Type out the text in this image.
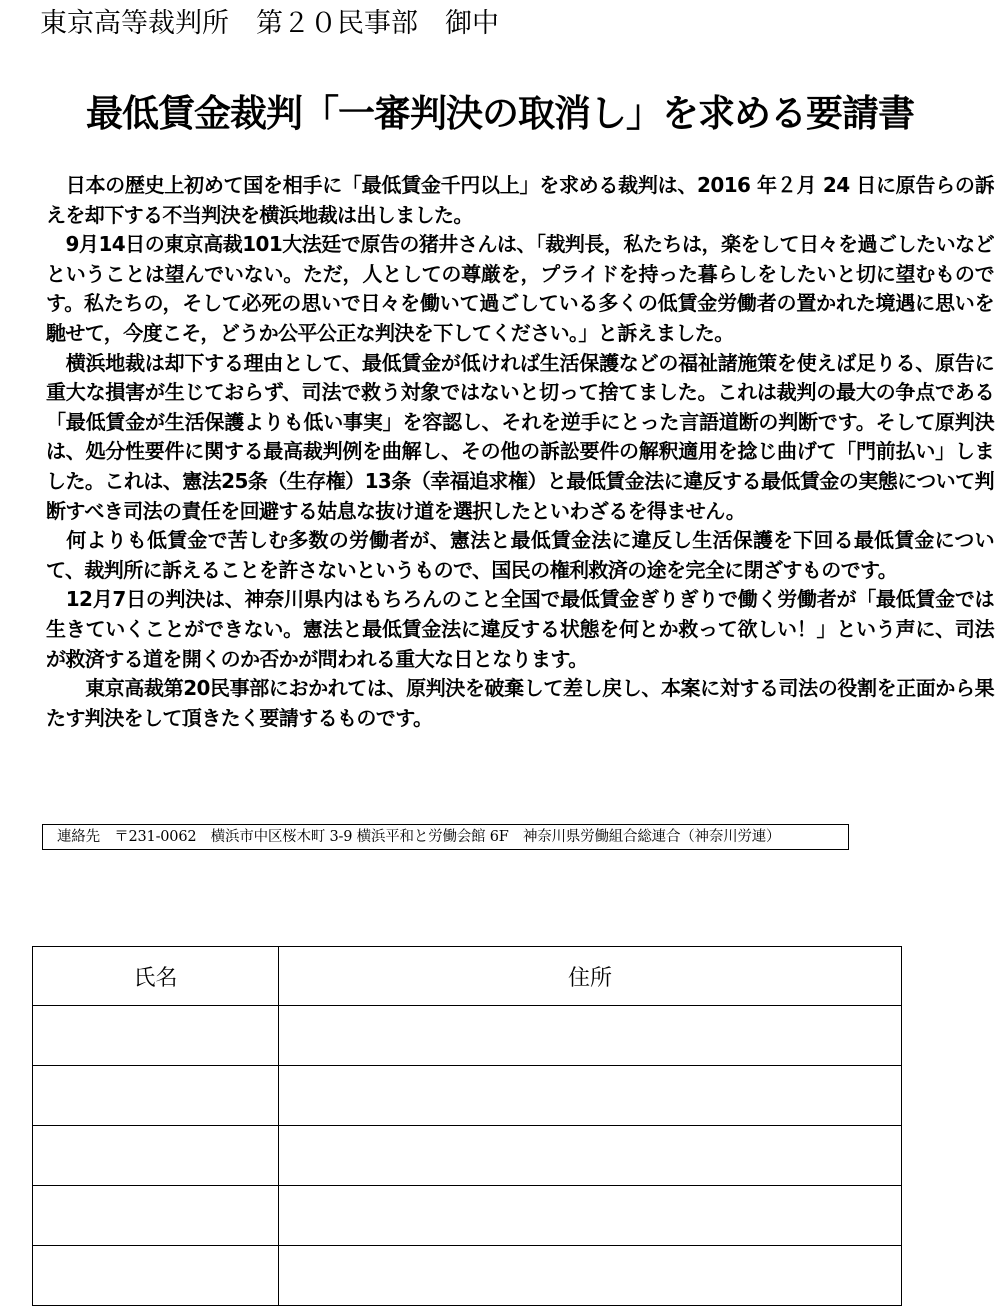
東京高等裁判所　第２０民事部　御中
最低賃金裁判「一審判決の取消し」を求める要請書

　日本の歴史上初めて国を相手に「最低賃金千円以上」を求める裁判は、2016 年２月 24 日に原告らの訴えを却下する不当判決を横浜地裁は出しました。

　9月14日の東京高裁101大法廷で原告の猪井さんは、「裁判長，私たちは，楽をして日々を過ごしたいなどということは望んでいない。ただ，人としての尊厳を，プライドを持った暮らしをしたいと切に望むものです。私たちの，そして必死の思いで日々を働いて過ごしている多くの低賃金労働者の置かれた境遇に思いを馳せて，今度こそ，どうか公平公正な判決を下してください。」と訴えました。

　横浜地裁は却下する理由として、最低賃金が低ければ生活保護などの福祉諸施策を使えば足りる、原告に重大な損害が生じておらず、司法で救う対象ではないと切って捨てました。これは裁判の最大の争点である「最低賃金が生活保護よりも低い事実」を容認し、それを逆手にとった言語道断の判断です。そして原判決は、処分性要件に関する最高裁判例を曲解し、その他の訴訟要件の解釈適用を捻じ曲げて「門前払い」しました。これは、憲法25条（生存権）13条（幸福追求権）と最低賃金法に違反する最低賃金の実態について判断すべき司法の責任を回避する姑息な抜け道を選択したといわざるを得ません。

　何よりも低賃金で苦しむ多数の労働者が、憲法と最低賃金法に違反し生活保護を下回る最低賃金について、裁判所に訴えることを許さないというもので、国民の権利救済の途を完全に閉ざすものです。

　12月7日の判決は、神奈川県内はもちろんのこと全国で最低賃金ぎりぎりで働く労働者が「最低賃金では生きていくことができない。憲法と最低賃金法に違反する状態を何とか救って欲しい！」という声に、司法が救済する道を開くのか否かが問われる重大な日となります。

　　東京高裁第20民事部におかれては、原判決を破棄して差し戻し、本案に対する司法の役割を正面から果たす判決をして頂きたく要請するものです。

連絡先　〒231-0062　横浜市中区桜木町 3-9 横浜平和と労働会館 6F　神奈川県労働組合総連合（神奈川労連）
氏名	住所
